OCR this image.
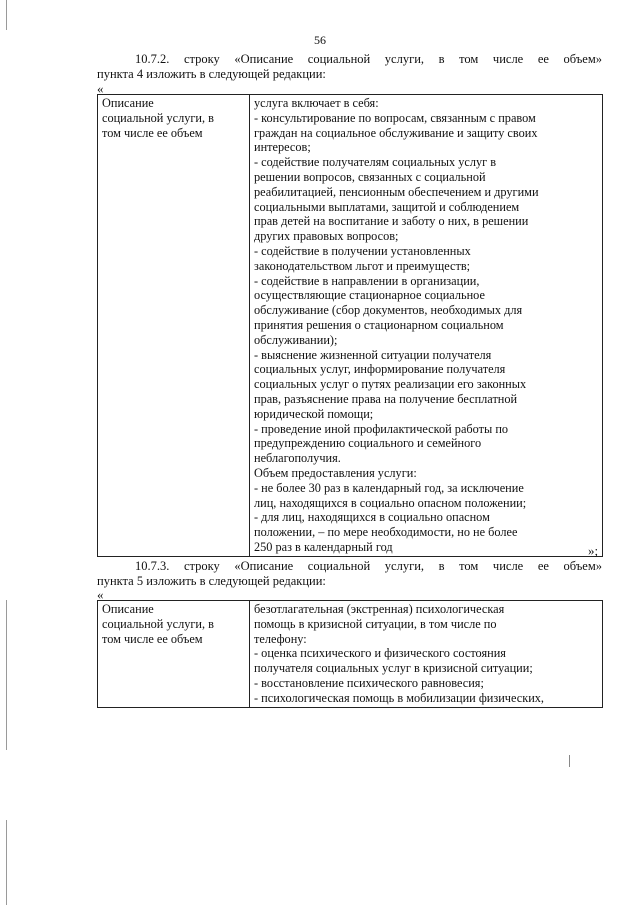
56
10.7.2. строку «Описание социальной услуги, в том числе ее объем»
пункта 4 изложить в следующей редакции:
«
Описание
социальной услуги, в
том числе ее объем

услуга включает в себя:
- консультирование по вопросам, связанным с правом
граждан на социальное обслуживание и защиту своих
интересов;
- содействие получателям социальных услуг в
решении вопросов, связанных с социальной
реабилитацией, пенсионным обеспечением и другими
социальными выплатами, защитой и соблюдением
прав детей на воспитание и заботу о них, в решении
других правовых вопросов;
- содействие в получении установленных
законодательством льгот и преимуществ;
- содействие в направлении в организации,
осуществляющие стационарное социальное
обслуживание (сбор документов, необходимых для
принятия решения о стационарном социальном
обслуживании);
- выяснение жизненной ситуации получателя
социальных услуг, информирование получателя
социальных услуг о путях реализации его законных
прав, разъяснение права на получение бесплатной
юридической помощи;
- проведение иной профилактической работы по
предупреждению социального и семейного
неблагополучия.
Объем предоставления услуги:
- не более 30 раз в календарный год, за исключение
лиц, находящихся в социально опасном положении;
- для лиц, находящихся в социально опасном
положении, – по мере необходимости, но не более
250 раз в календарный год	»;
10.7.3. строку «Описание социальной услуги, в том числе ее объем»
пункта 5 изложить в следующей редакции:
«
Описание
социальной услуги, в
том числе ее объем

безотлагательная (экстренная) психологическая
помощь в кризисной ситуации, в том числе по
телефону:
- оценка психического и физического состояния
получателя социальных услуг в кризисной ситуации;
- восстановление психического равновесия;
- психологическая помощь в мобилизации физических,
